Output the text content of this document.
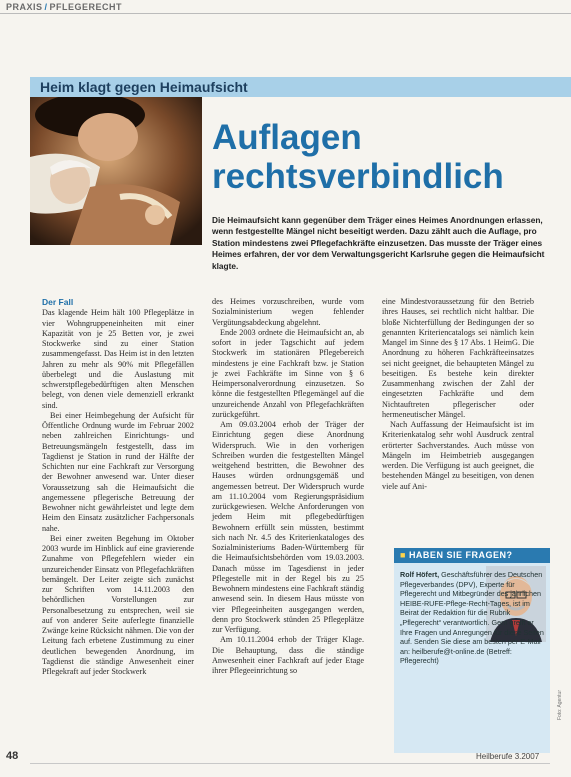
PRAXIS / PFLEGERECHT
Heim klagt gegen Heimaufsicht
Auflagen
rechtsverbindlich
Die Heimaufsicht kann gegenüber dem Träger eines Heimes Anordnungen erlassen, wenn festgestellte Mängel nicht beseitigt werden. Dazu zählt auch die Auflage, pro Station mindestens zwei Pflegefachkräfte einzusetzen. Das musste der Träger eines Heimes erfahren, der vor dem Verwaltungsgericht Karlsruhe gegen die Heimaufsicht klagte.
Der Fall

Das klagende Heim hält 100 Pflegeplätze in vier Wohngruppeneinheiten mit einer Kapazität von je 25 Betten vor, je zwei Stockwerke sind zu einer Station zusammengefasst. Das Heim ist in den letzten Jahren zu mehr als 90% mit Pflegefällen überbelegt und die Auslastung mit schwerstpflegebedürftigen alten Menschen belegt, von denen viele demenziell erkrankt sind.

Bei einer Heimbegehung der Aufsicht für Öffentliche Ordnung wurde im Februar 2002 neben zahlreichen Einrichtungs- und Betreuungsmängeln festgestellt, dass im Tagdienst je Station in rund der Hälfte der Schichten nur eine Fachkraft zur Versorgung der Bewohner anwesend war. Unter dieser Voraussetzung sah die Heimaufsicht die angemessene pflegerische Betreuung der Bewohner nicht gewährleistet und legte dem Heim den Einsatz zusätzlicher Fachpersonals nahe.

Bei einer zweiten Begehung im Oktober 2003 wurde im Hinblick auf eine gravierende Zunahme von Pflegefehlern wieder ein unzureichender Einsatz von Pflegefachkräften bemängelt. Der Leiter zeigte sich zunächst zur Schriften vom 14.11.2003 den behördlichen Vorstellungen zur Personalbesetzung zu entsprechen, weil sie auf von anderer Seite auferlegte finanzielle Zwänge keine Rücksicht nähmen. Die von der Leitung fach erbetene Zustimmung zu einer deutlichen bewegenden Anordnung, im Tagdienst die ständige Anwesenheit einer Pflegekraft auf jeder Stockwerk

des Heimes vorzuschreiben, wurde vom Sozialministerium wegen fehlender Vergütungsabdeckung abgelehnt.

Ende 2003 ordnete die Heimaufsicht an, ab sofort in jeder Tagschicht auf jedem Stockwerk im stationären Pflegebereich mindestens je eine Fachkraft bzw. je Station je zwei Fachkräfte im Sinne von § 6 Heimpersonalverordnung einzusetzen. So könne die festgestellten Pflegemängel auf die unzureichende Anzahl von Pflegefachkräften zurückgeführt.

Am 09.03.2004 erhob der Träger der Einrichtung gegen diese Anordnung Widerspruch. Wie in den vorherigen Schreiben wurden die festgestellten Mängel weitgehend bestritten, die Bewohner des Hauses würden ordnungsgemäß und angemessen betreut. Der Widerspruch wurde am 11.10.2004 vom Regierungspräsidium zurückgewiesen. Welche Anforderungen von jedem Heim mit pflegebedürftigen Bewohnern erfüllt sein müssten, bestimmt sich nach Nr. 4.5 des Kriterienkataloges des Sozialministeriums Baden-Württemberg für die Heimaufsichtsbehörden vom 19.03.2003. Danach müsse im Tagesdienst in jeder Pflegestelle mit in der Regel bis zu 25 Bewohnern mindestens eine Fachkraft ständig anwesend sein. In diesem Haus müsste von vier Pflegeeinheiten ausgegangen werden, denn pro Stockwerk stünden 25 Pflegeplätze zur Verfügung.

Am 10.11.2004 erhob der Träger Klage. Die Behauptung, dass die ständige Anwesenheit einer Fachkraft auf jeder Etage ihrer Pflegeeinrichtung so

eine Mindestvoraussetzung für den Betrieb ihres Hauses, sei rechtlich nicht haltbar. Die bloße Nichterfüllung der Bedingungen der so genannten Kriteriencatalogs sei nämlich kein Mangel im Sinne des § 17 Abs. 1 HeimG. Die Anordnung zu höheren Fachkräfteeinsatzes sei nicht geeignet, die behaupteten Mängel zu beseitigen. Es bestehe kein direkter Zusammenhang zwischen der Zahl der eingesetzten Fachkräfte und dem Nichtauftreten pflegerischer oder hermeneutischer Mängel.

Nach Auffassung der Heimaufsicht ist im Kriterienkatalog sehr wohl Ausdruck zentral erörterter Sachverstandes. Auch müsse von Mängeln im Heimbetrieb ausgegangen werden. Die Verfügung ist auch geeignet, die bestehenden Mängel zu beseitigen, von denen viele auf Ani-

■ HABEN SIE FRAGEN?
Rolf Höfert, Geschäftsführer des Deutschen Pflegeverbandes (DPV), Experte für Pflegerecht und Mitbegründer des jährlichen HEIBE-RUFE-Pflege-Recht-Tages, ist im Beirat der Redaktion für die Rubrik „Pflegerecht“ verantwortlich. Gern greift er Ihre Fragen und Anregungen für diese Seiten auf. Senden Sie diese am besten per E-Mail an: heilberufe@t-online.de (Betreff: Pflegerecht)
Foto: Agentur
48	Heilberufe 3.2007
